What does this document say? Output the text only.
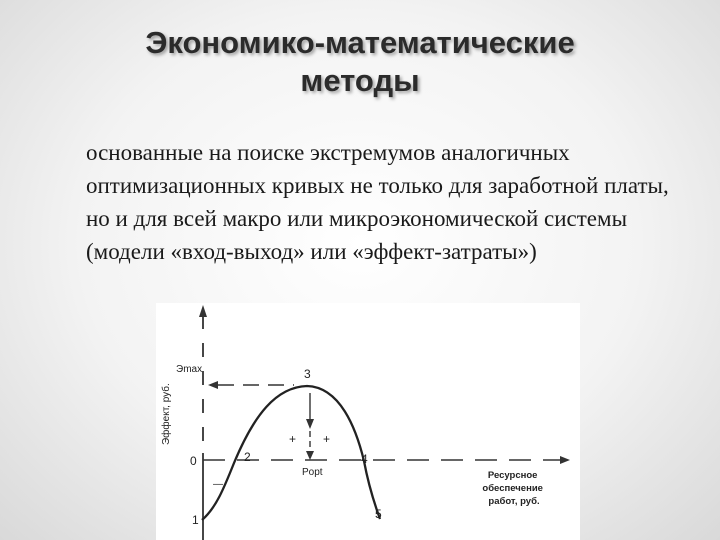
Экономико-математические
методы
основанные на поиске экстремумов аналогичных оптимизационных кривых не только для заработной платы, но и для всей макро или микроэкономической системы (модели «вход-выход» или «эффект-затраты»)
Эффект, руб.
Эmax
0
1
2
3
4
5
Popt
+ +
—
Ресурсное обеспечение работ, руб.
